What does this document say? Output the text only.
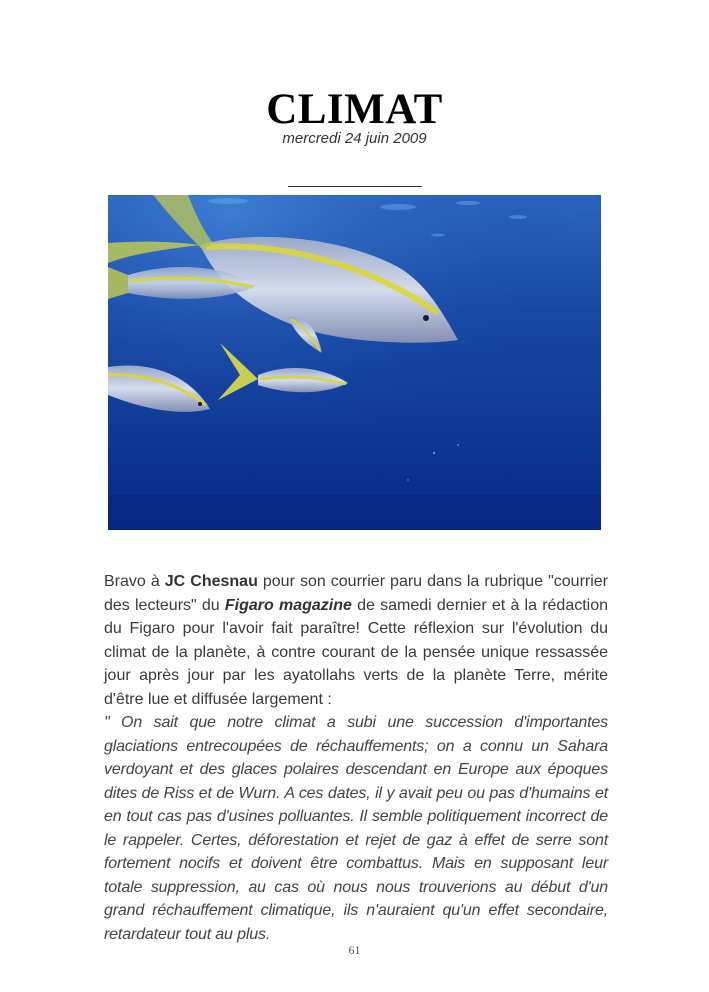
CLIMAT
mercredi 24 juin 2009

Bravo à JC Chesnau pour son courrier paru dans la rubrique "courrier des lecteurs" du Figaro magazine de samedi dernier et à la rédaction du Figaro pour l'avoir fait paraître! Cette réflexion sur l'évolution du climat de la planète, à contre courant de la pensée unique ressassée jour après jour par les ayatollahs verts de la planète Terre, mérite d'être lue et diffusée largement :

" On sait que notre climat a subi une succession d'importantes glaciations entrecoupées de réchauffements; on a connu un Sahara verdoyant et des glaces polaires descendant en Europe aux époques dites de Riss et de Wurn. A ces dates, il y avait peu ou pas d'humains et en tout cas pas d'usines polluantes. Il semble politiquement incorrect de le rappeler. Certes, déforestation et rejet de gaz à effet de serre sont fortement nocifs et doivent être combattus. Mais en supposant leur totale suppression, au cas où nous nous trouverions au début d'un grand réchauffement climatique, ils n'auraient qu'un effet secondaire, retardateur tout au plus.

61
